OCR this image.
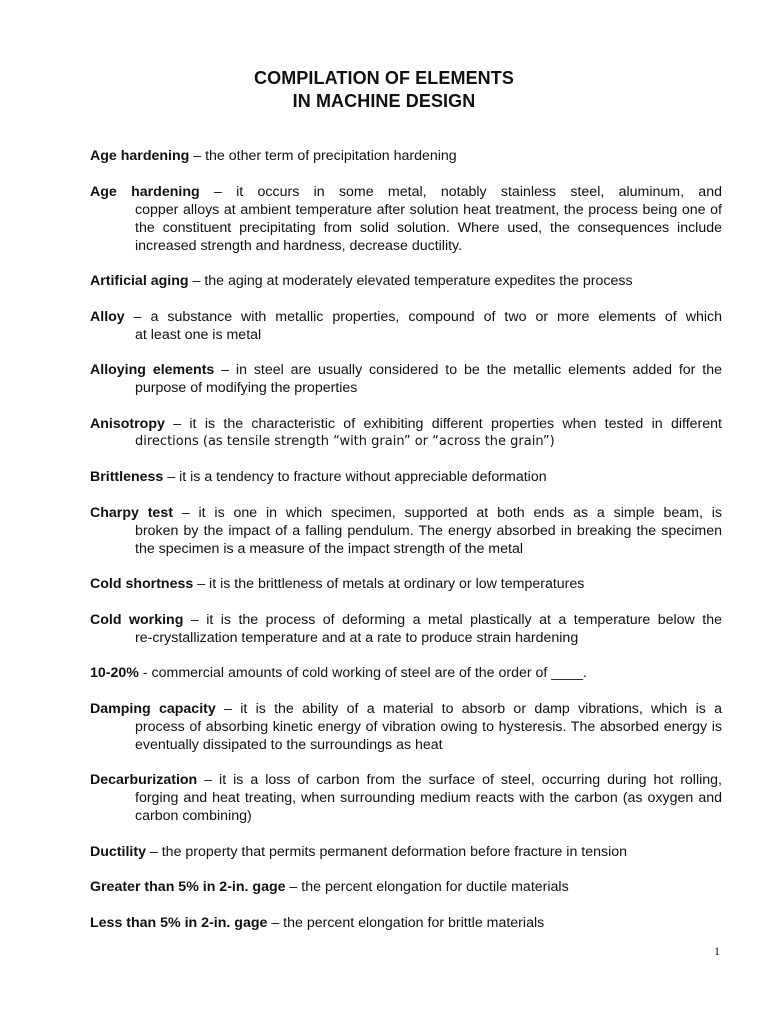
COMPILATION OF ELEMENTS
IN MACHINE DESIGN

Age hardening – the other term of precipitation hardening

Age hardening – it occurs in some metal, notably stainless steel, aluminum, and

copper alloys at ambient temperature after solution heat treatment, the process being one of the constituent precipitating from solid solution. Where used, the consequences include increased strength and hardness, decrease ductility.

Artificial aging – the aging at moderately elevated temperature expedites the process

Alloy – a substance with metallic properties, compound of two or more elements of which

at least one is metal

Alloying elements – in steel are usually considered to be the metallic elements added for the

purpose of modifying the properties

Anisotropy – it is the characteristic of exhibiting different properties when tested in different

directions (as tensile strength “with grain” or “across the grain”)

Brittleness – it is a tendency to fracture without appreciable deformation

Charpy test – it is one in which specimen, supported at both ends as a simple beam, is

broken by the impact of a falling pendulum. The energy absorbed in breaking the specimen the specimen is a measure of the impact strength of the metal

Cold shortness – it is the brittleness of metals at ordinary or low temperatures

Cold working – it is the process of deforming a metal plastically at a temperature below the

re-crystallization temperature and at a rate to produce strain hardening

10-20% - commercial amounts of cold working of steel are of the order of ____.

Damping capacity – it is the ability of a material to absorb or damp vibrations, which is a

process of absorbing kinetic energy of vibration owing to hysteresis. The absorbed energy is eventually dissipated to the surroundings as heat

Decarburization – it is a loss of carbon from the surface of steel, occurring during hot rolling,

forging and heat treating, when surrounding medium reacts with the carbon (as oxygen and carbon combining)

Ductility – the property that permits permanent deformation before fracture in tension

Greater than 5% in 2-in. gage – the percent elongation for ductile materials

Less than 5% in 2-in. gage – the percent elongation for brittle materials

1
